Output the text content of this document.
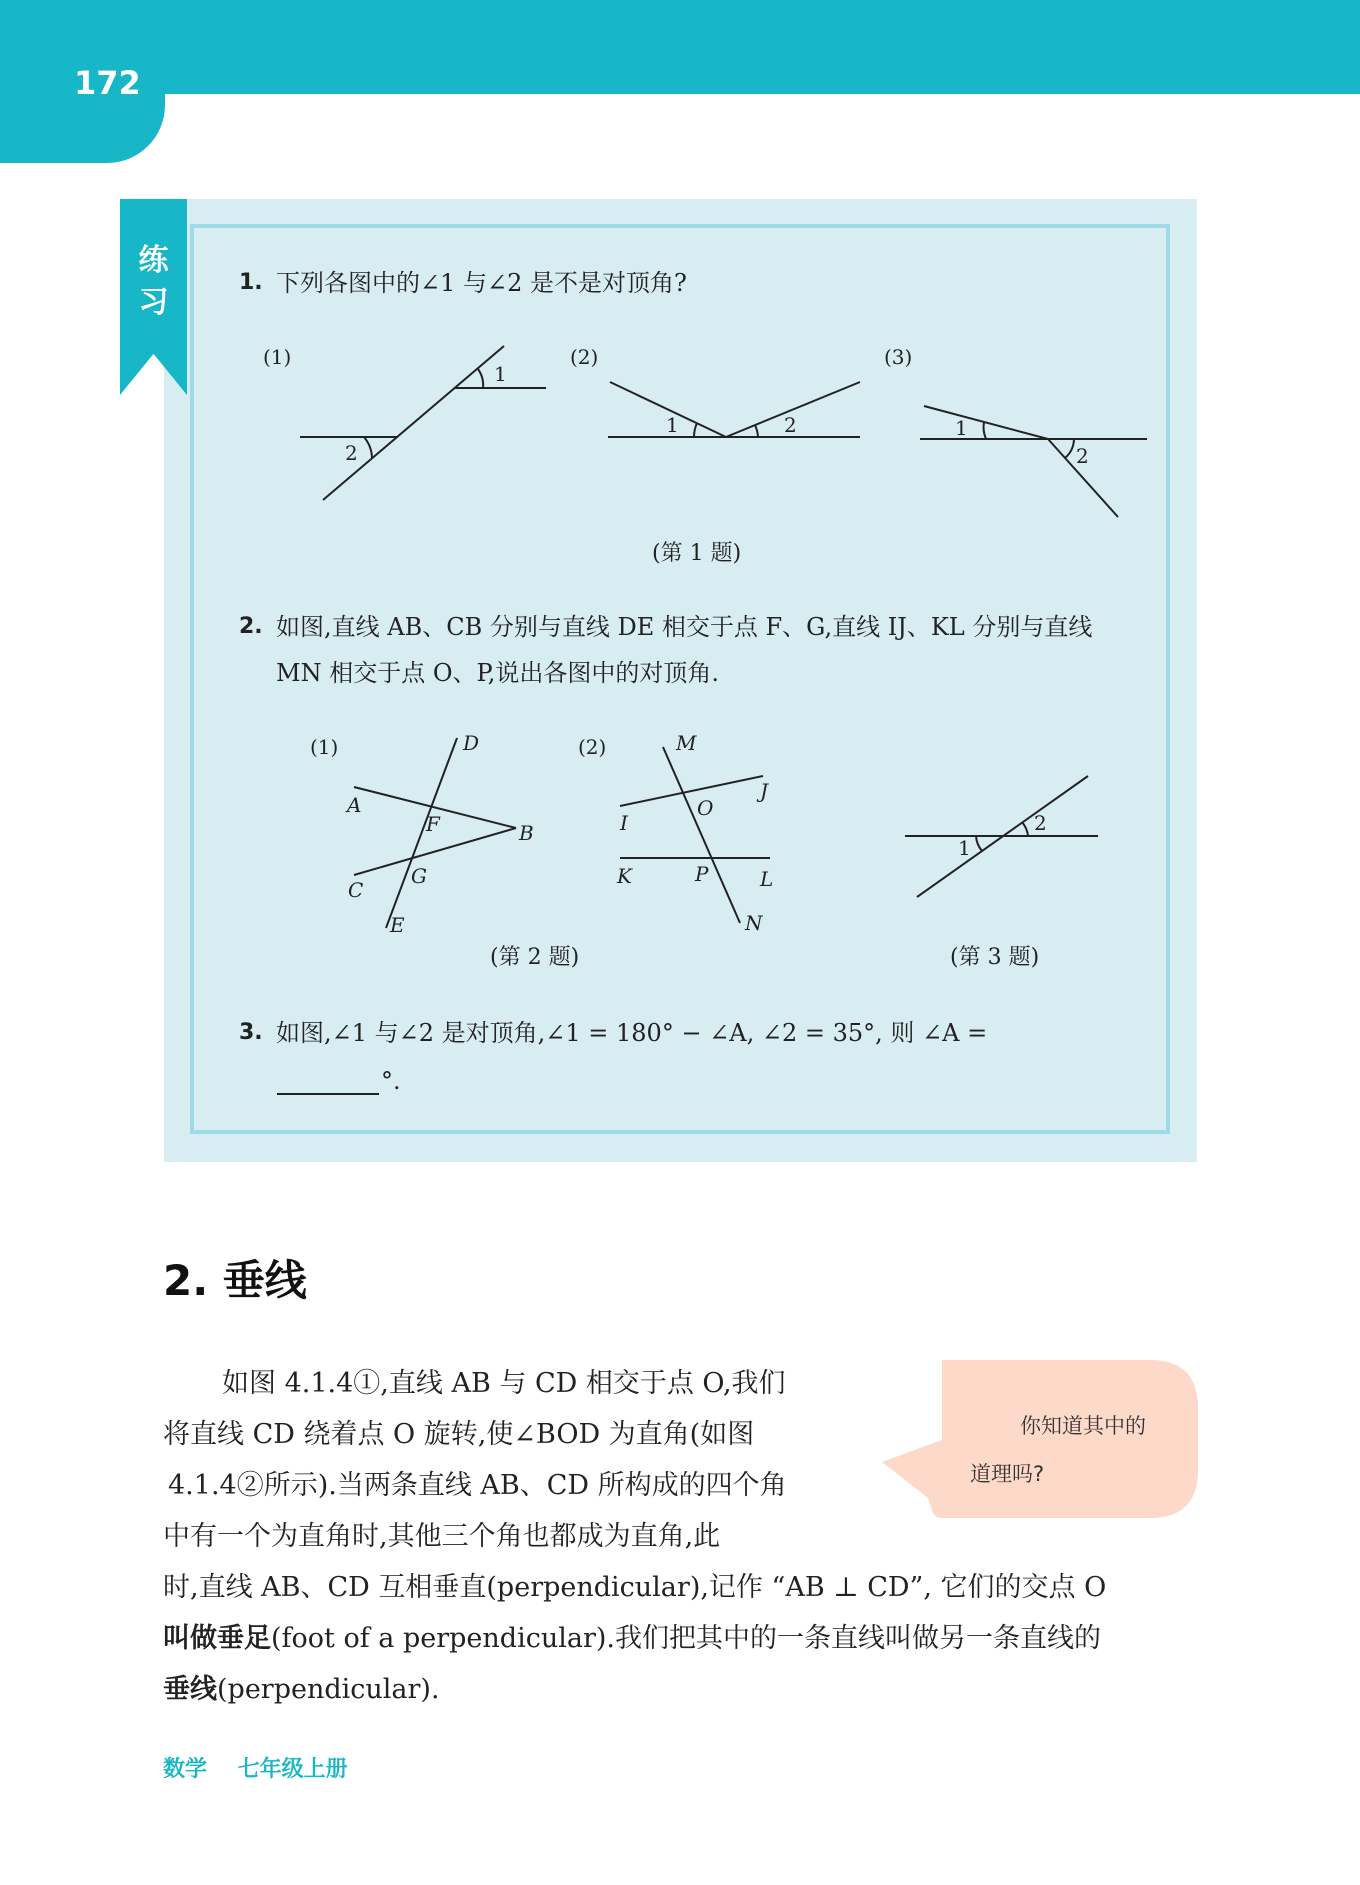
172
练
习
1. 下列各图中的∠1 与∠2 是不是对顶角?
(1)
2
1
(2)
1	2
(3)
1
2
(第 1 题)
(1)	D
A
F	B
G
C
E
(2)	M
J
O
I
K	P	L
N
(第 2 题)
1
2
(第 3 题)
2. 如图,直线 AB、CB 分别与直线 DE 相交于点 F、G,直线 IJ、KL 分别与直线
MN 相交于点 O、P,说出各图中的对顶角.
3. 如图,∠1 与∠2 是对顶角,∠1 = 180° − ∠A, ∠2 = 35°, 则 ∠A =
°.
2. 垂线
如图 4.1.4①,直线 AB 与 CD 相交于点 O,我们
将直线 CD 绕着点 O 旋转,使∠BOD 为直角(如图
4.1.4②所示).当两条直线 AB、CD 所构成的四个角
中有一个为直角时,其他三个角也都成为直角,此
时,直线 AB、CD 互相垂直(perpendicular),记作 “AB ⊥ CD”, 它们的交点 O
叫做垂足(foot of a perpendicular).我们把其中的一条直线叫做另一条直线的
垂线(perpendicular).
你知道其中的
道理吗?
数学    七年级上册
